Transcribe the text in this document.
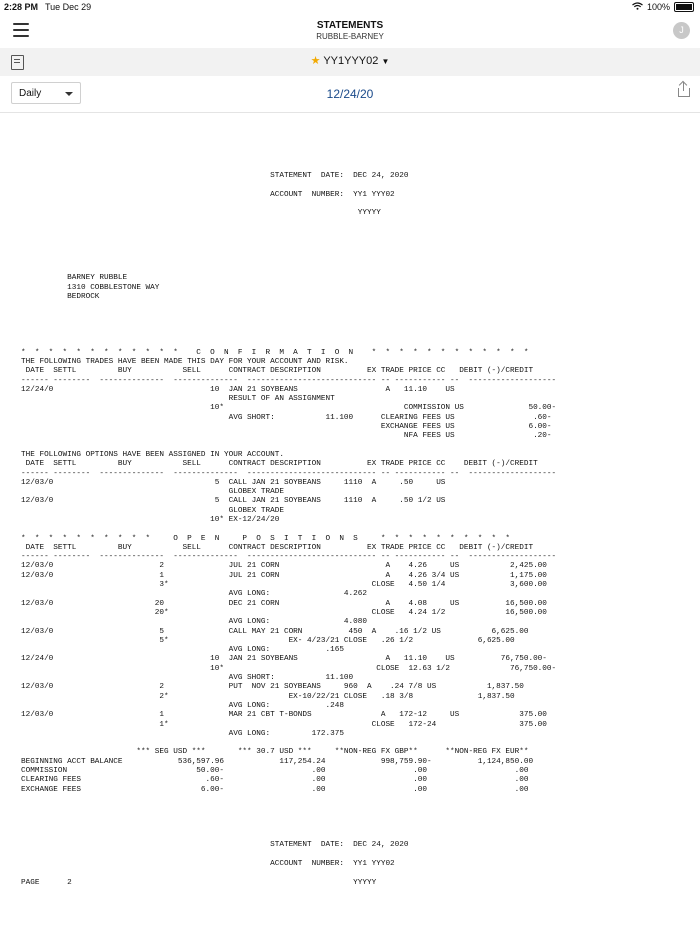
2:28 PM Tue Dec 29	100%
STATEMENTS
RUBBLE-BARNEY
J
★ YY1YYY02 ▼
Daily	12/24/20
STATEMENT  DATE:  DEC 24, 2020

ACCOUNT  NUMBER:  YY1 YYY02

YYYYY

BARNEY RUBBLE
1310 COBBLESTONE WAY
BEDROCK

*  *  *  *  *  *  *  *  *  *  *  *    C  O  N  F  I  R  M  A  T  I  O  N    *  *  *  *  *  *  *  *  *  *  *  *
THE FOLLOWING TRADES HAVE BEEN MADE THIS DAY FOR YOUR ACCOUNT AND RISK.
DATE  SETTL         BUY           SELL      CONTRACT DESCRIPTION          EX TRADE PRICE CC   DEBIT (-)/CREDIT
------ --------  --------------  --------------  ---------------------------- -- ----------- --  -------------------
12/24/0                                  10  JAN 21 SOYBEANS                   A   11.10    US
RESULT OF AN ASSIGNMENT
10*                                       COMMISSION US              50.00-
AVG SHORT:           11.100      CLEARING FEES US                 .60-
EXCHANGE FEES US                6.00-
NFA FEES US                 .20-

THE FOLLOWING OPTIONS HAVE BEEN ASSIGNED IN YOUR ACCOUNT.
DATE  SETTL         BUY           SELL      CONTRACT DESCRIPTION          EX TRADE PRICE CC    DEBIT (-)/CREDIT
------ --------  --------------  --------------  ---------------------------- -- ----------- --  -------------------
12/03/0                                   5  CALL JAN 21 SOYBEANS     1110  A     .50     US
GLOBEX TRADE
12/03/0                                   5  CALL JAN 21 SOYBEANS     1110  A     .50 1/2 US
GLOBEX TRADE
10* EX-12/24/20

*  *  *  *  *  *  *  *  *  *     O  P  E  N     P  O  S  I  T  I  O  N  S     *  *  *  *  *  *  *  *  *  *
DATE  SETTL         BUY           SELL      CONTRACT DESCRIPTION          EX TRADE PRICE CC   DEBIT (-)/CREDIT
------ --------  --------------  --------------  ---------------------------- -- ----------- --  -------------------
12/03/0                       2              JUL 21 CORN                       A    4.26     US           2,425.00
12/03/0                       1              JUL 21 CORN                       A    4.26 3/4 US           1,175.00
3*                                            CLOSE   4.50 1/4              3,600.00
AVG LONG:                4.262
12/03/0                      20              DEC 21 CORN                       A    4.08     US          16,500.00
20*                                            CLOSE   4.24 1/2             16,500.00
AVG LONG:                4.080
12/03/0                       5              CALL MAY 21 CORN          450  A    .16 1/2 US           6,625.00
5*                          EX- 4/23/21 CLOSE   .26 1/2              6,625.00
AVG LONG:            .165
12/24/0                                  10  JAN 21 SOYBEANS                   A   11.10    US          76,750.00-
10*                                 CLOSE  12.63 1/2             76,750.00-
AVG SHORT:           11.100
12/03/0                       2              PUT  NOV 21 SOYBEANS     960  A    .24 7/8 US           1,837.50
2*                          EX-10/22/21 CLOSE   .18 3/8              1,837.50
AVG LONG:            .248
12/03/0                       1              MAR 21 CBT T-BONDS               A   172-12     US             375.00
1*                                            CLOSE   172-24                  375.00
AVG LONG:         172.375

*** SEG USD ***       *** 30.7 USD ***     **NON-REG FX GBP**      **NON-REG FX EUR**
BEGINNING ACCT BALANCE            536,597.96            117,254.24            998,759.90-          1,124,850.00
COMMISSION                            50.00-                   .00                   .00                   .00
CLEARING FEES                           .60-                   .00                   .00                   .00
EXCHANGE FEES                          6.00-                   .00                   .00                   .00

STATEMENT  DATE:  DEC 24, 2020

ACCOUNT  NUMBER:  YY1 YYY02

PAGE      2                                                             YYYYY
